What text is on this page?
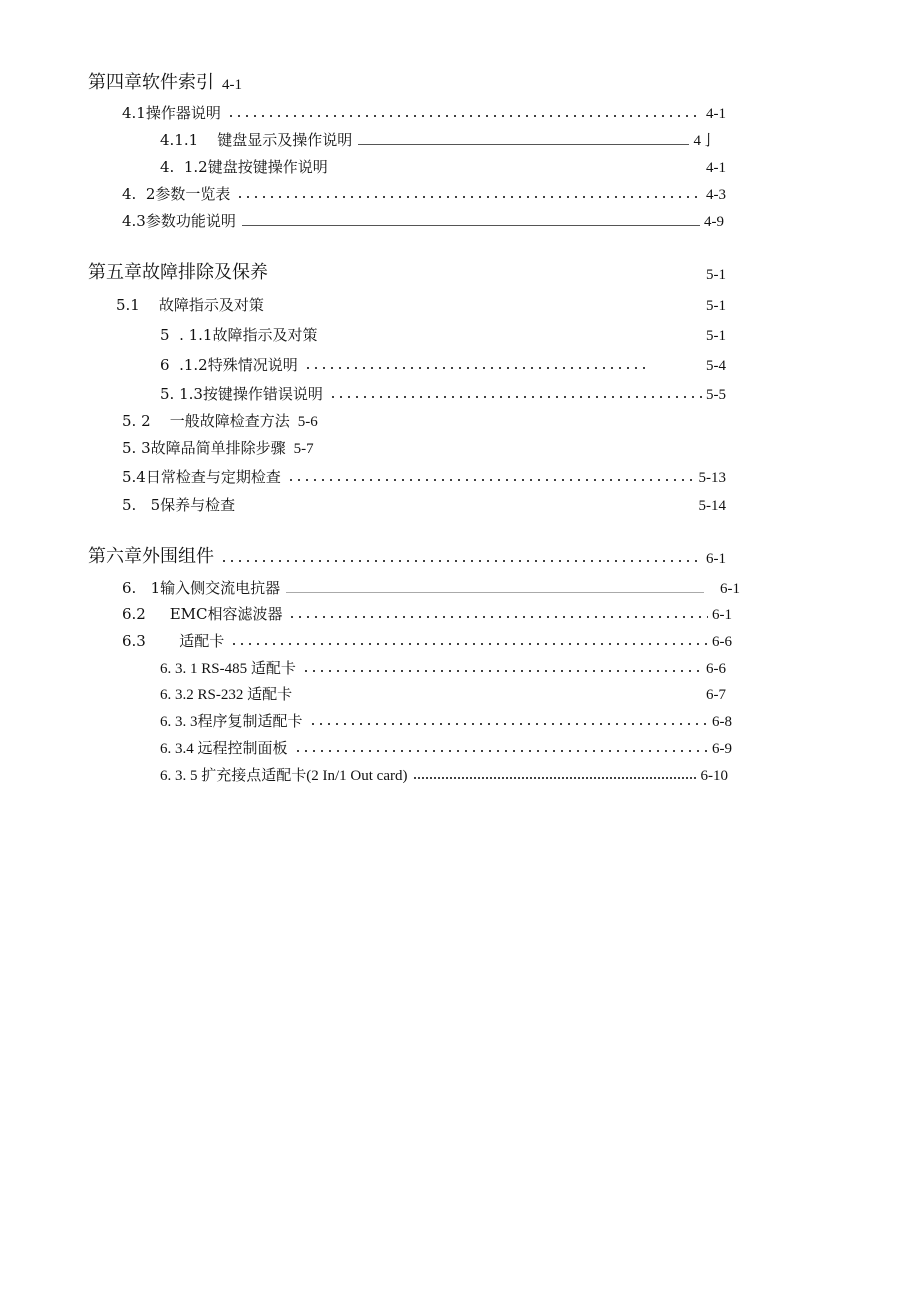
第四章软件索引 4-1
4.1操作器说明	4-1
4.1.1    键盘显示及操作说明	4亅
4.  1.2键盘按键操作说明	4-1
4.  2参数一览表	4-3
4.3参数功能说明	4-9
第五章故障排除及保养	5-1
5.1    故障指示及对策	5-1
5  . 1.1故障指示及对策	5-1
6  .1.2特殊情况说明	5-4
5. 1.3按键操作错误说明	5-5
5. 2    一般故障检查方法 5-6
5. 3故障品简单排除步骤 5-7
5.4日常检查与定期检查	5-13
5.   5保养与检查	5-14
第六章外围组件	6-1
6.   1输入侧交流电抗器	6-1
6.2     EMC相容滤波器	6-1
6.3       适配卡	6-6
6. 3. 1 RS-485 适配卡	6-6
6. 3.2 RS-232 适配卡	6-7
6. 3. 3程序复制适配卡	6-8
6. 3.4 远程控制面板	6-9
6. 3. 5 扩充接点适配卡(2 In/1 Out card)	6-10
